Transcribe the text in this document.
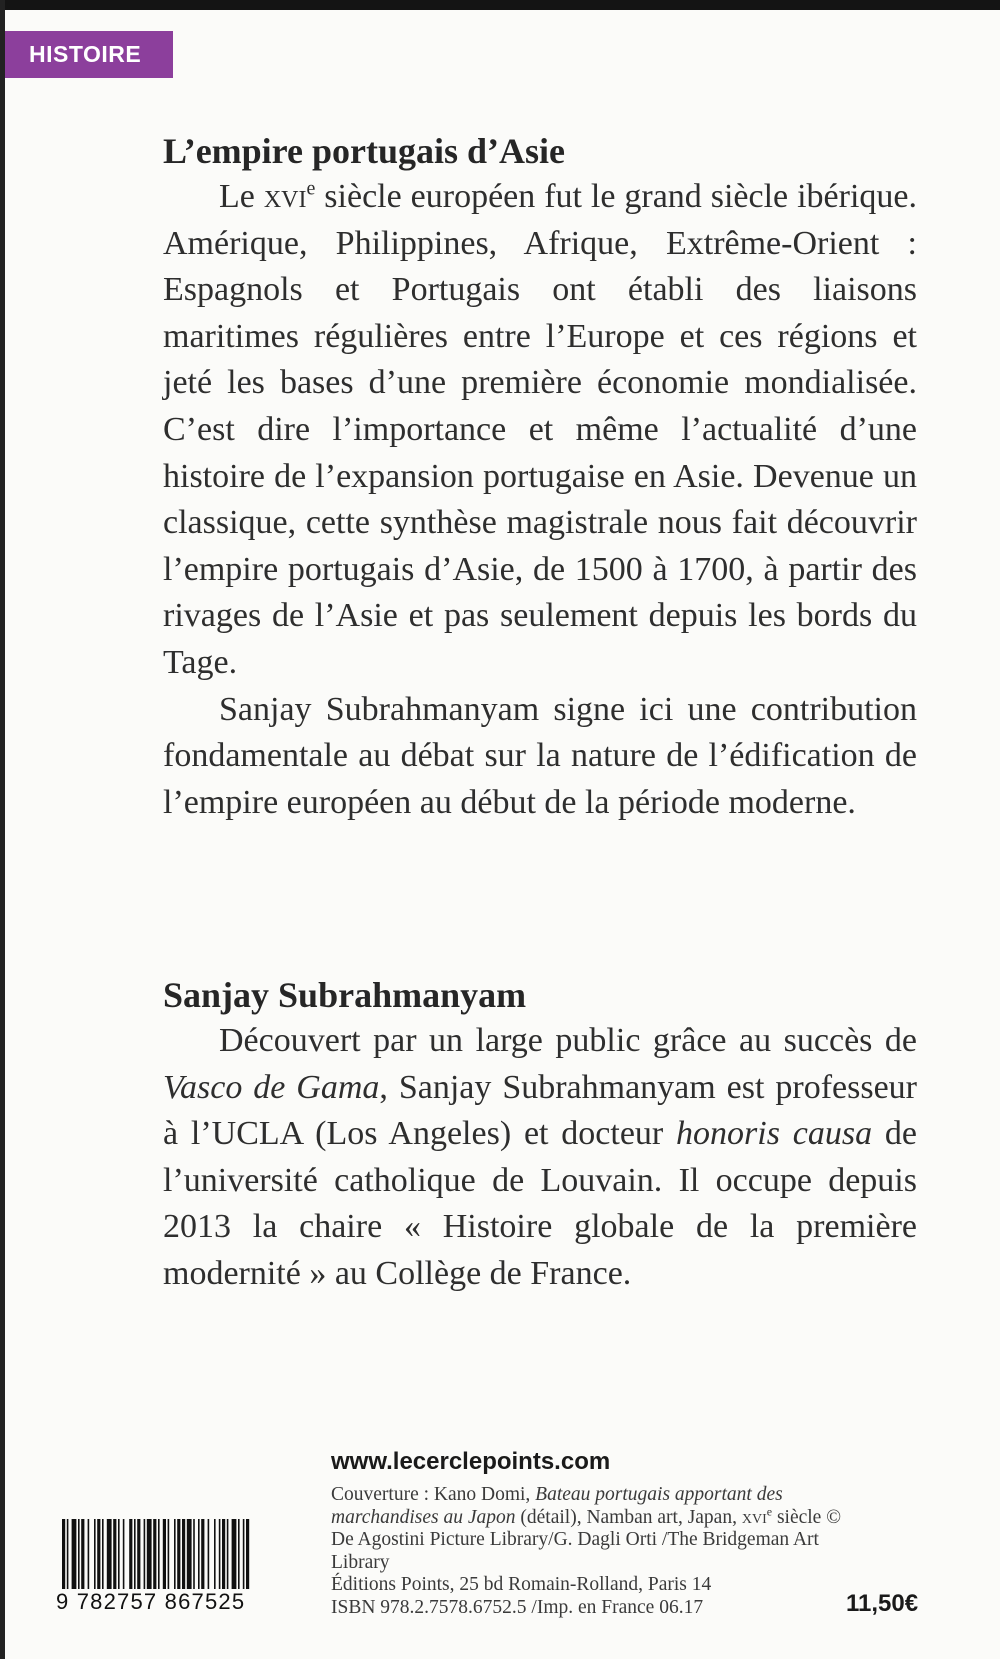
HISTOIRE
L’empire portugais d’Asie

Le xvi$^e$ siècle européen fut le grand siècle ibérique. Amérique, Philippines, Afrique, Extrême-Orient : Espagnols et Portugais ont établi des liaisons maritimes régulières entre l’Europe et ces régions et jeté les bases d’une première économie mondialisée. C’est dire l’importance et même l’actualité d’une histoire de l’expansion portugaise en Asie. Devenue un classique, cette synthèse magistrale nous fait découvrir l’empire portugais d’Asie, de 1500 à 1700, à partir des rivages de l’Asie et pas seulement depuis les bords du Tage.

Sanjay Subrahmanyam signe ici une contribution fondamentale au débat sur la nature de l’édification de l’empire européen au début de la période moderne.

Sanjay Subrahmanyam

Découvert par un large public grâce au succès de Vasco de Gama, Sanjay Subrahmanyam est professeur à l’UCLA (Los Angeles) et docteur honoris causa de l’université catholique de Louvain. Il occupe depuis 2013 la chaire « Histoire globale de la première modernité » au Collège de France.

www.lecerclepoints.com

Couverture : Kano Domi, Bateau portugais apportant des marchandises au Japon (détail), Namban art, Japan, xvi$^e$ siècle © De Agostini Picture Library/G. Dagli Orti /The Bridgeman Art Library

Éditions Points, 25 bd Romain-Rolland, Paris 14

ISBN 978.2.7578.6752.5 /Imp. en France 06.17

9 782757 867525	11,50€
